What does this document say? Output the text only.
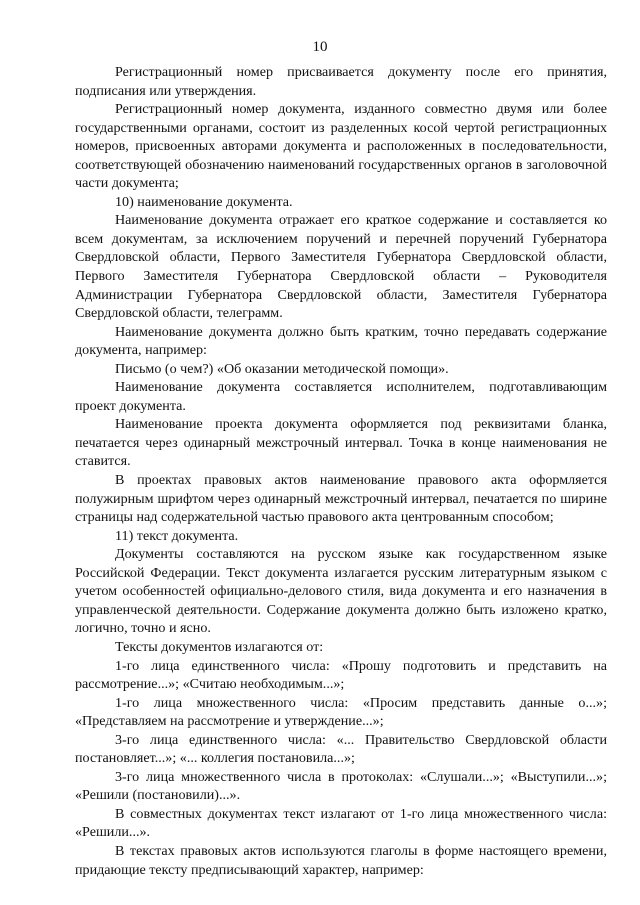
10

Регистрационный номер присваивается документу после его принятия, подписания или утверждения.

Регистрационный номер документа, изданного совместно двумя или более государственными органами, состоит из разделенных косой чертой регистрационных номеров, присвоенных авторами документа и расположенных в последовательности, соответствующей обозначению наименований государственных органов в заголовочной части документа;

10) наименование документа.

Наименование документа отражает его краткое содержание и составляется ко всем документам, за исключением поручений и перечней поручений Губернатора Свердловской области, Первого Заместителя Губернатора Свердловской области, Первого Заместителя Губернатора Свердловской области – Руководителя Администрации Губернатора Свердловской области, Заместителя Губернатора Свердловской области, телеграмм.

Наименование документа должно быть кратким, точно передавать содержание документа, например:

Письмо (о чем?) «Об оказании методической помощи».

Наименование документа составляется исполнителем, подготавливающим проект документа.

Наименование проекта документа оформляется под реквизитами бланка, печатается через одинарный межстрочный интервал. Точка в конце наименования не ставится.

В проектах правовых актов наименование правового акта оформляется полужирным шрифтом через одинарный межстрочный интервал, печатается по ширине страницы над содержательной частью правового акта центрованным способом;

11) текст документа.

Документы составляются на русском языке как государственном языке Российской Федерации. Текст документа излагается русским литературным языком с учетом особенностей официально-делового стиля, вида документа и его назначения в управленческой деятельности. Содержание документа должно быть изложено кратко, логично, точно и ясно.

Тексты документов излагаются от:

1-го лица единственного числа: «Прошу подготовить и представить на рассмотрение...»; «Считаю необходимым...»;

1-го лица множественного числа: «Просим представить данные о...»; «Представляем на рассмотрение и утверждение...»;

3-го лица единственного числа: «... Правительство Свердловской области постановляет...»; «... коллегия постановила...»;

3-го лица множественного числа в протоколах: «Слушали...»; «Выступили...»; «Решили (постановили)...».

В совместных документах текст излагают от 1-го лица множественного числа: «Решили...».

В текстах правовых актов используются глаголы в форме настоящего времени, придающие тексту предписывающий характер, например:
